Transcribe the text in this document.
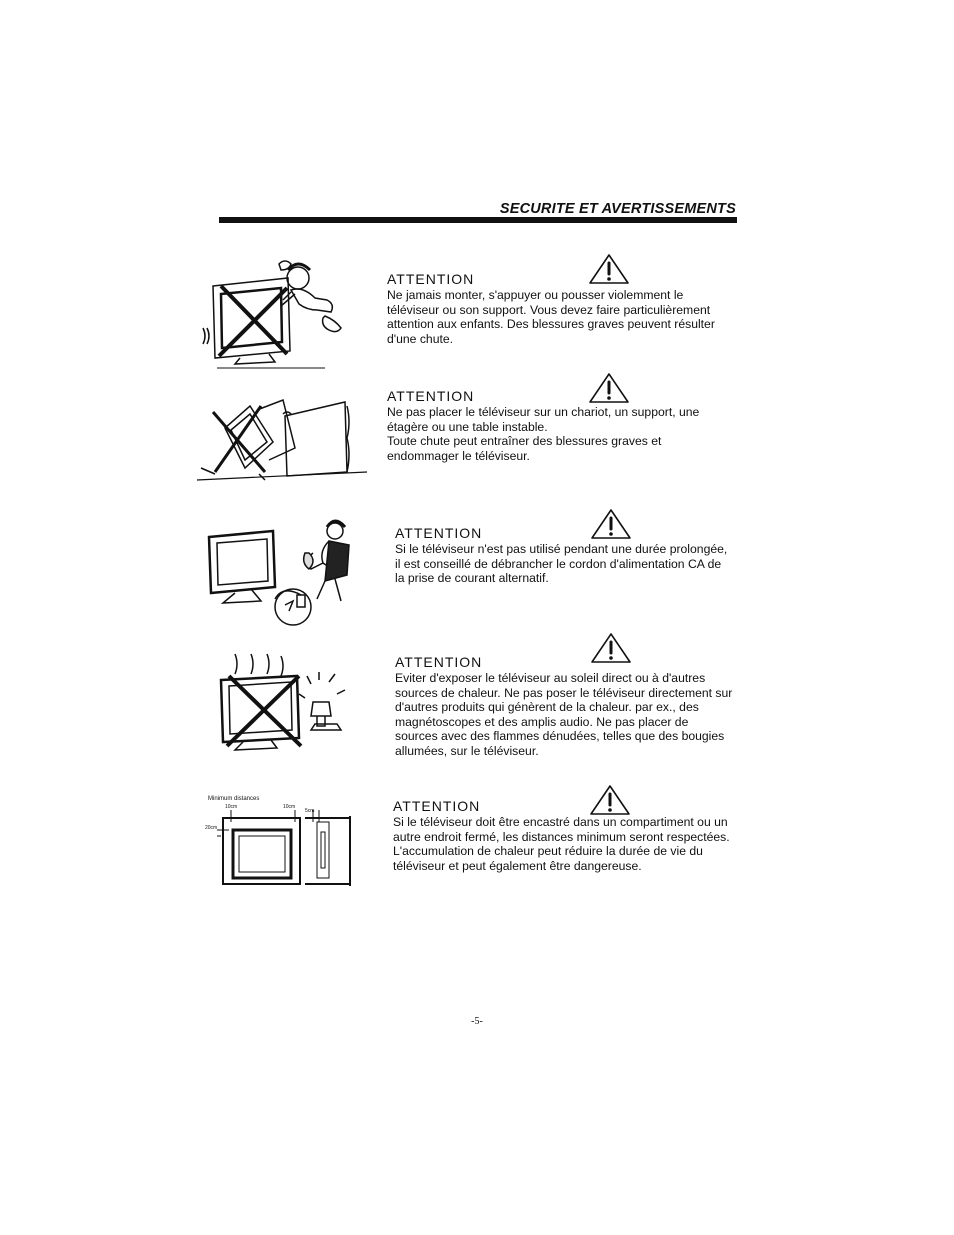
SECURITE ET AVERTISSEMENTS
ATTENTION
Ne jamais monter, s'appuyer ou pousser violemment le
téléviseur ou son support. Vous devez faire particulièrement
attention aux enfants. Des blessures graves peuvent résulter
d'une chute.
ATTENTION
Ne pas placer le téléviseur sur un chariot, un support, une
étagère ou une table instable.
Toute chute peut entraîner des blessures graves et
endommager le téléviseur.
ATTENTION
Si le téléviseur n'est pas utilisé pendant une durée prolongée,
il est conseillé de débrancher le cordon d'alimentation CA de
la prise de courant alternatif.
ATTENTION
Eviter d'exposer le téléviseur au soleil direct ou à d'autres
sources de chaleur. Ne pas poser le téléviseur directement sur
d'autres produits qui génèrent de la chaleur. par ex., des
magnétoscopes et des amplis audio. Ne pas placer de
sources avec des flammes dénudées, telles que des bougies
allumées, sur le téléviseur.
Minimum distances
10cm	10cm
5cm
20cm
ATTENTION
Si le téléviseur doit être encastré dans un compartiment ou un
autre endroit fermé, les distances minimum seront respectées.
L'accumulation de chaleur peut réduire la durée de vie du
téléviseur et peut également être dangereuse.
-5-
